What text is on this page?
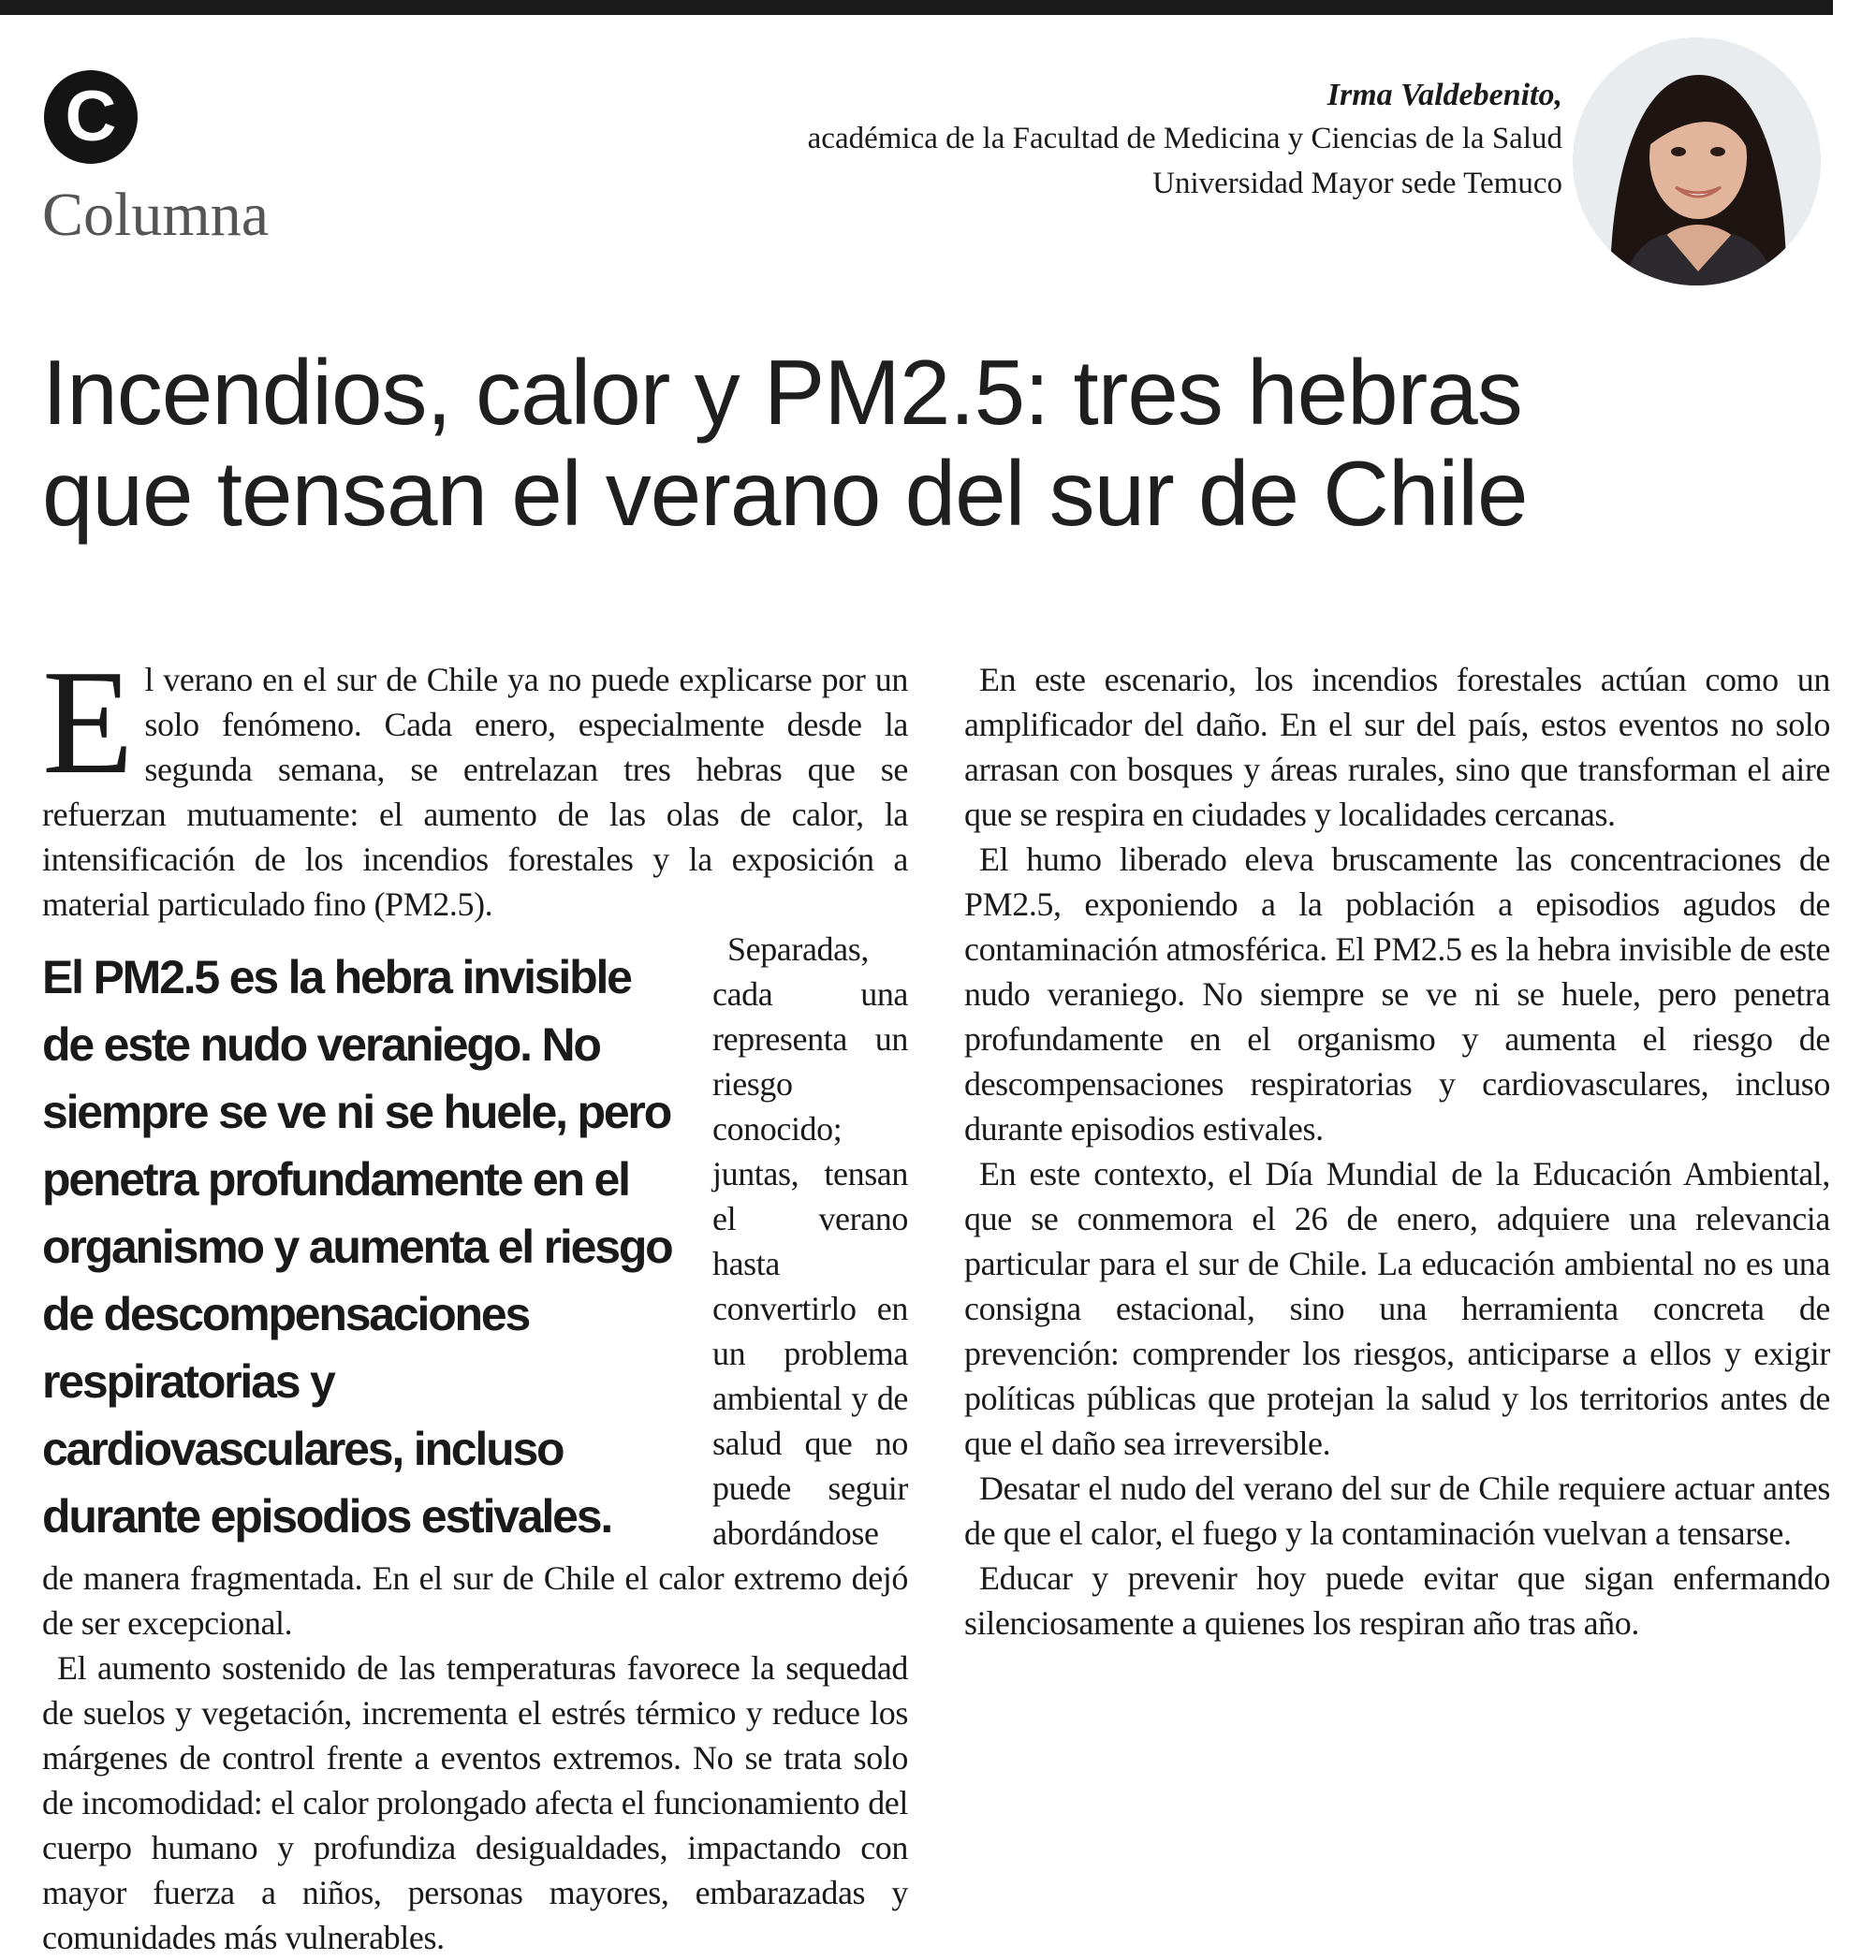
C
Columna
Irma Valdebenito,
académica de la Facultad de Medicina y Ciencias de la Salud Universidad Mayor sede Temuco
Incendios, calor y PM2.5: tres hebras que tensan el verano del sur de Chile

E l verano en el sur de Chile ya no puede explicarse por un solo fenómeno. Cada enero, especialmente desde la segunda semana, se entrelazan tres hebras que se refuerzan mutuamente: el aumento de las olas de calor, la intensificación de los incendios forestales y la exposición a material particulado fino (PM2.5).

El PM2.5 es la hebra invisible de este nudo veraniego. No siempre se ve ni se huele, pero penetra profundamente en el organismo y aumenta el riesgo de descompensaciones respiratorias y cardiovasculares, incluso durante episodios estivales.

Separadas, cada una representa un riesgo conocido; juntas, tensan el verano hasta convertirlo en un problema ambiental y de salud que no puede seguir abordándose de manera fragmentada. En el sur de Chile el calor extremo dejó de ser excepcional.

El aumento sostenido de las temperaturas favorece la sequedad de suelos y vegetación, incrementa el estrés térmico y reduce los márgenes de control frente a eventos extremos. No se trata solo de incomodidad: el calor prolongado afecta el funcionamiento del cuerpo humano y profundiza desigualdades, impactando con mayor fuerza a niños, personas mayores, embarazadas y comunidades más vulnerables.

En este escenario, los incendios forestales actúan como un amplificador del daño. En el sur del país, estos eventos no solo arrasan con bosques y áreas rurales, sino que transforman el aire que se respira en ciudades y localidades cercanas.

El humo liberado eleva bruscamente las concentraciones de PM2.5, exponiendo a la población a episodios agudos de contaminación atmosférica. El PM2.5 es la hebra invisible de este nudo veraniego. No siempre se ve ni se huele, pero penetra profundamente en el organismo y aumenta el riesgo de descompensaciones respiratorias y cardiovasculares, incluso durante episodios estivales.

En este contexto, el Día Mundial de la Educación Ambiental, que se conmemora el 26 de enero, adquiere una relevancia particular para el sur de Chile. La educación ambiental no es una consigna estacional, sino una herramienta concreta de prevención: comprender los riesgos, anticiparse a ellos y exigir políticas públicas que protejan la salud y los territorios antes de que el daño sea irreversible.

Desatar el nudo del verano del sur de Chile requiere actuar antes de que el calor, el fuego y la contaminación vuelvan a tensarse.

Educar y prevenir hoy puede evitar que sigan enfermando silenciosamente a quienes los respiran año tras año.
